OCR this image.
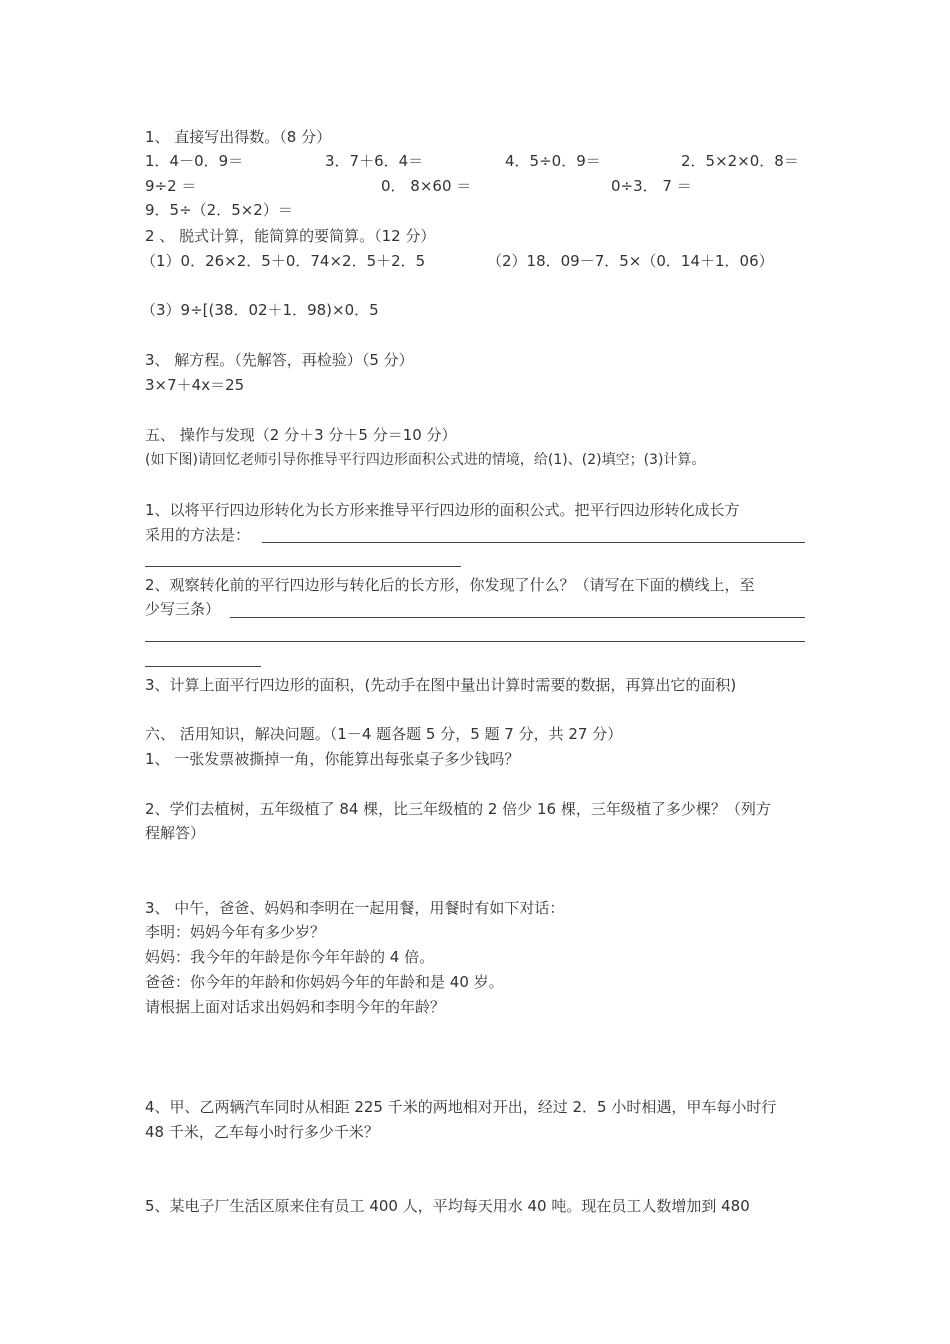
1、 直接写出得数。（8 分）
1．4－0．9＝	3．7＋6．4＝	4．5÷0．9＝	2．5×2×0．8＝
9÷2 ＝	0． 8×60 ＝	0÷3． 7 ＝
9．5÷（2．5×2）＝
2 、 脱式计算，能简算的要简算。（12 分）
（1）0．26×2．5＋0．74×2．5＋2．5	（2）18．09－7．5×（0．14＋1．06）
（3）9÷[(38．02＋1．98)×0．5
3、 解方程。（先解答，再检验）（5 分）
3×7＋4x＝25
五、 操作与发现（2 分＋3 分＋5 分＝10 分）
(如下图)请回忆老师引导你推导平行四边形面积公式进的情境，给(1)、(2)填空；(3)计算。
1、以将平行四边形转化为长方形来推导平行四边形的面积公式。把平行四边形转化成长方
采用的方法是：
2、观察转化前的平行四边形与转化后的长方形，你发现了什么？（请写在下面的横线上，至
少写三条）
3、计算上面平行四边形的面积，(先动手在图中量出计算时需要的数据，再算出它的面积)
六、 活用知识，解决问题。（1－4 题各题 5 分，5 题 7 分，共 27 分）
1、 一张发票被撕掉一角，你能算出每张桌子多少钱吗？
2、学们去植树，五年级植了 84 棵，比三年级植的 2 倍少 16 棵，三年级植了多少棵？（列方
程解答）
3、 中午，爸爸、妈妈和李明在一起用餐，用餐时有如下对话：
李明：妈妈今年有多少岁？
妈妈：我今年的年龄是你今年年龄的 4 倍。
爸爸：你今年的年龄和你妈妈今年的年龄和是 40 岁。
请根据上面对话求出妈妈和李明今年的年龄？
4、甲、乙两辆汽车同时从相距 225 千米的两地相对开出，经过 2．5 小时相遇，甲车每小时行
48 千米，乙车每小时行多少千米？
5、某电子厂生活区原来住有员工 400 人，平均每天用水 40 吨。现在员工人数增加到 480
